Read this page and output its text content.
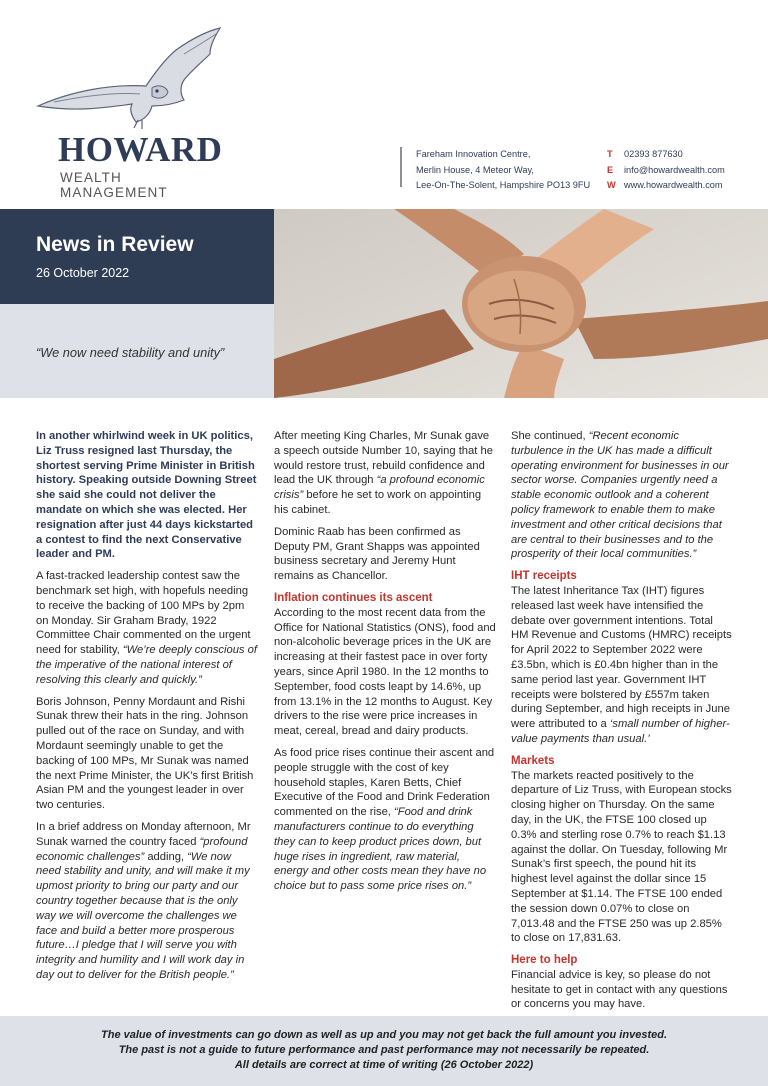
HOWARD
WEALTH MANAGEMENT
Fareham Innovation Centre,
Merlin House, 4 Meteor Way,
Lee-On-The-Solent, Hampshire PO13 9FU
T 02393 877630
E info@howardwealth.com
W www.howardwealth.com
News in Review
26 October 2022
“We now need stability and unity”

In another whirlwind week in UK politics, Liz Truss resigned last Thursday, the shortest serving Prime Minister in British history. Speaking outside Downing Street she said she could not deliver the mandate on which she was elected. Her resignation after just 44 days kickstarted a contest to find the next Conservative leader and PM.

A fast-tracked leadership contest saw the benchmark set high, with hopefuls needing to receive the backing of 100 MPs by 2pm on Monday. Sir Graham Brady, 1922 Committee Chair commented on the urgent need for stability, “We’re deeply conscious of the imperative of the national interest of resolving this clearly and quickly.”

Boris Johnson, Penny Mordaunt and Rishi Sunak threw their hats in the ring. Johnson pulled out of the race on Sunday, and with Mordaunt seemingly unable to get the backing of 100 MPs, Mr Sunak was named the next Prime Minister, the UK’s first British Asian PM and the youngest leader in over two centuries.

In a brief address on Monday afternoon, Mr Sunak warned the country faced “profound economic challenges” adding, “We now need stability and unity, and will make it my upmost priority to bring our party and our country together because that is the only way we will overcome the challenges we face and build a better more prosperous future…I pledge that I will serve you with integrity and humility and I will work day in day out to deliver for the British people.”

After meeting King Charles, Mr Sunak gave a speech outside Number 10, saying that he would restore trust, rebuild confidence and lead the UK through “a profound economic crisis” before he set to work on appointing his cabinet.

Dominic Raab has been confirmed as Deputy PM, Grant Shapps was appointed business secretary and Jeremy Hunt remains as Chancellor.

Inflation continues its ascent

According to the most recent data from the Office for National Statistics (ONS), food and non-alcoholic beverage prices in the UK are increasing at their fastest pace in over forty years, since April 1980. In the 12 months to September, food costs leapt by 14.6%, up from 13.1% in the 12 months to August. Key drivers to the rise were price increases in meat, cereal, bread and dairy products.

As food price rises continue their ascent and people struggle with the cost of key household staples, Karen Betts, Chief Executive of the Food and Drink Federation commented on the rise, “Food and drink manufacturers continue to do everything they can to keep product prices down, but huge rises in ingredient, raw material, energy and other costs mean they have no choice but to pass some price rises on.”

She continued, “Recent economic turbulence in the UK has made a difficult operating environment for businesses in our sector worse. Companies urgently need a stable economic outlook and a coherent policy framework to enable them to make investment and other critical decisions that are central to their businesses and to the prosperity of their local communities.”

IHT receipts

The latest Inheritance Tax (IHT) figures released last week have intensified the debate over government intentions. Total HM Revenue and Customs (HMRC) receipts for April 2022 to September 2022 were £3.5bn, which is £0.4bn higher than in the same period last year. Government IHT receipts were bolstered by £557m taken during September, and high receipts in June were attributed to a ‘small number of higher-value payments than usual.’

Markets

The markets reacted positively to the departure of Liz Truss, with European stocks closing higher on Thursday. On the same day, in the UK, the FTSE 100 closed up 0.3% and sterling rose 0.7% to reach $1.13 against the dollar. On Tuesday, following Mr Sunak’s first speech, the pound hit its highest level against the dollar since 15 September at $1.14. The FTSE 100 ended the session down 0.07% to close on 7,013.48 and the FTSE 250 was up 2.85% to close on 17,831.63.

Here to help

Financial advice is key, so please do not hesitate to get in contact with any questions or concerns you may have.

The value of investments can go down as well as up and you may not get back the full amount you invested.
The past is not a guide to future performance and past performance may not necessarily be repeated.
All details are correct at time of writing (26 October 2022)
